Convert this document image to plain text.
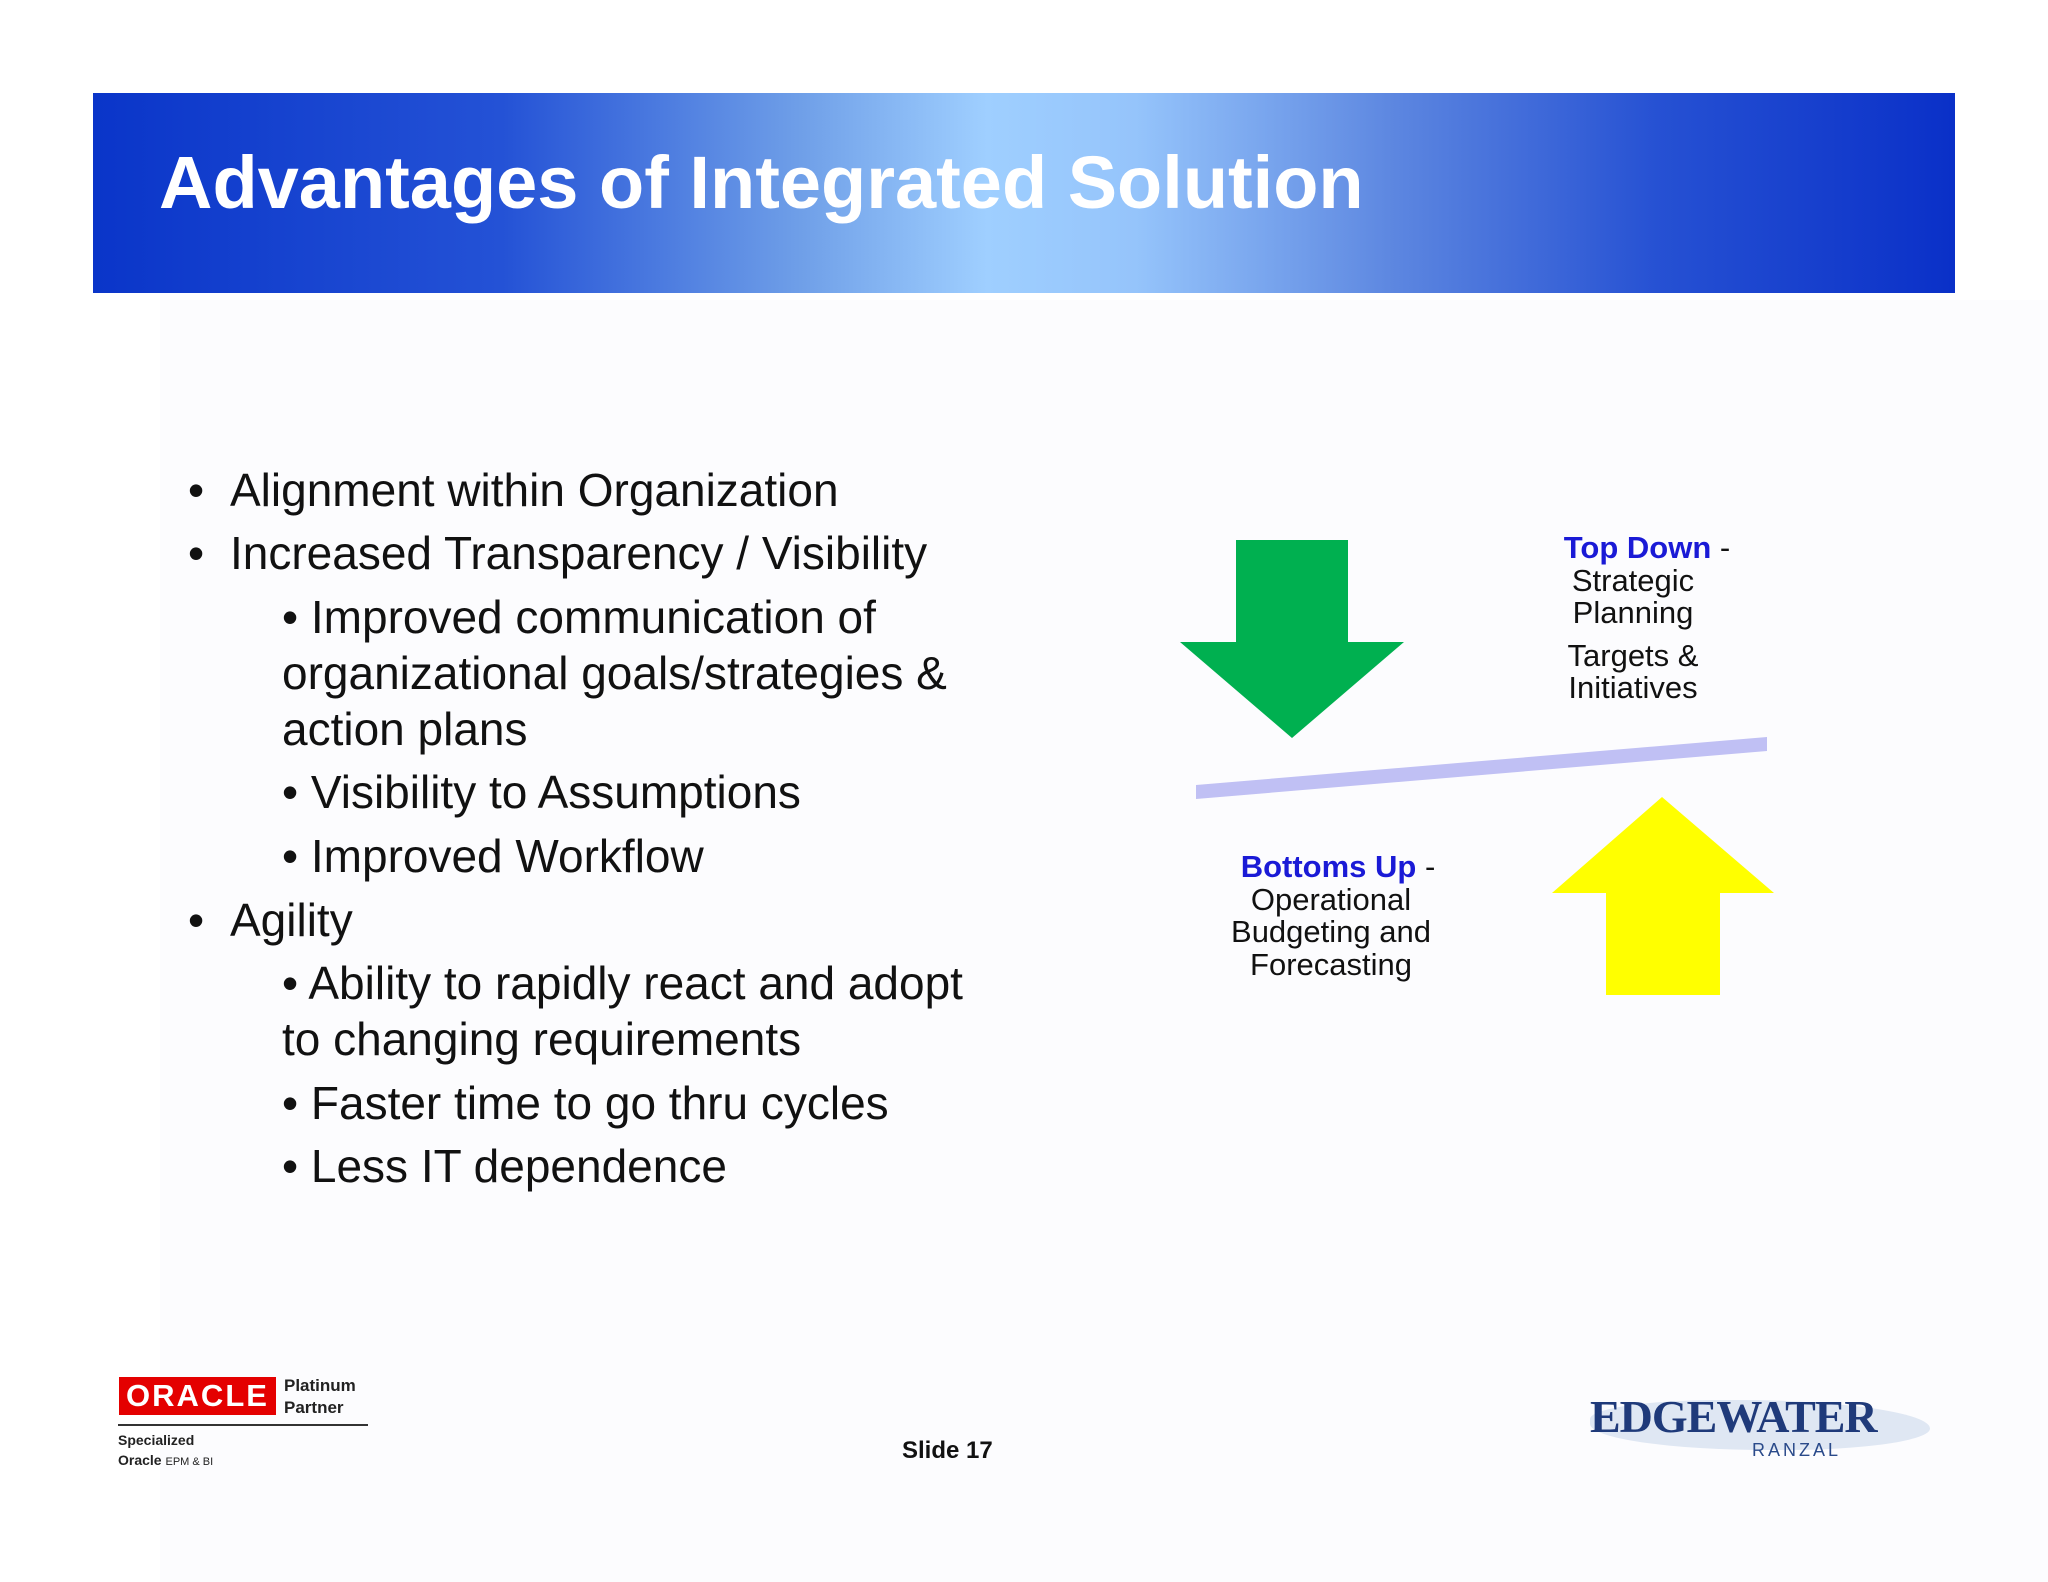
Advantages of Integrated Solution
• Alignment within Organization
• Increased Transparency / Visibility
• Improved communication of
organizational goals/strategies &
action plans
• Visibility to Assumptions
• Improved Workflow
• Agility
• Ability to rapidly react and adopt
to changing requirements
• Faster time to go thru cycles
• Less IT dependence
Top Down -
Strategic
Planning
Targets &
Initiatives
Bottoms Up -
Operational
Budgeting and
Forecasting
ORACLE Platinum
Partner
Specialized
Oracle EPM & BI	Slide 17
EDGEWATER
RANZAL
